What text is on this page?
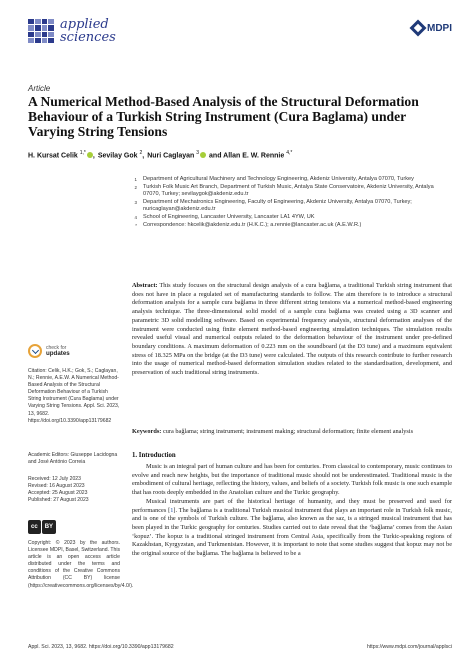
applied
sciences
MDPI
Article
A Numerical Method-Based Analysis of the Structural Deformation Behaviour of a Turkish String Instrument (Cura Baglama) under Varying String Tensions
H. Kursat Celik $^{1,*}$ , Sevilay Gok $^2$, Nuri Caglayan $^3$	and Allan E. W. Rennie $^{4,*}$
1 Department of Agricultural Machinery and Technology Engineering, Akdeniz University, Antalya 07070, Turkey
2 Turkish Folk Music Art Branch, Department of Turkish Music, Antalya State Conservatoire, Akdeniz University, Antalya 07070, Turkey; sevilaygok@akdeniz.edu.tr
3 Department of Mechatronics Engineering, Faculty of Engineering, Akdeniz University, Antalya 07070, Turkey; nuricaglayan@akdeniz.edu.tr
4 School of Engineering, Lancaster University, Lancaster LA1 4YW, UK
* Correspondence: hkcelik@akdeniz.edu.tr (H.K.C.); a.rennie@lancaster.ac.uk (A.E.W.R.)
Abstract: This study focuses on the structural design analysis of a cura bağlama, a traditional Turkish string instrument that does not have in place a regulated set of manufacturing standards to follow. The aim therefore is to introduce a structural deformation analysis for a sample cura bağlama in three different string tensions via a numerical method-based engineering analysis technique. The three-dimensional solid model of a sample cura bağlama was created using a 3D scanner and parametric 3D solid modelling software. Based on experimental frequency analysis, structural deformation analyses of the instrument were conducted using finite element method-based engineering simulation techniques. The simulation results revealed useful visual and numerical outputs related to the deformation behaviour of the instrument under pre-defined boundary conditions. A maximum deformation of 0.223 mm on the soundboard (at the D3 tune) and a maximum equivalent stress of 18.325 MPa on the bridge (at the D3 tune) were calculated. The outputs of this research contribute to further research into the usage of numerical method-based deformation simulation studies related to the standardisation, development, and preservation of such traditional string instruments.
Keywords: cura bağlama; string instrument; instrument making; structural deformation; finite element analysis
1. Introduction

Music is an integral part of human culture and has been for centuries. From classical to contemporary, music continues to evolve and reach new heights, but the importance of traditional music should not be underestimated. Traditional music is the embodiment of cultural heritage, reflecting the history, values, and beliefs of a society. Turkish folk music is one such example that has roots deeply embedded in the Anatolian culture and the Turkic geography.

Musical instruments are part of the historical heritage of humanity, and they must be preserved and used for performances [1]. The bağlama is a traditional Turkish musical instrument that plays an important role in Turkish folk music, and is one of the symbols of Turkish culture. The bağlama, also known as the saz, is a stringed musical instrument that has been played in the Turkic geography for centuries. Studies carried out to date reveal that the ‘bağlama’ comes from the Asian ‘kopuz’. The kopuz is a traditional stringed instrument from Central Asia, specifically from the Turkic-speaking regions of Kazakhstan, Kyrgyzstan, and Turkmenistan. However, it is important to note that some studies suggest that kopuz may not be the original source of the bağlama. The bağlama is believed to be a

check for
updates
Citation: Celik, H.K.; Gok, S.; Caglayan, N.; Rennie, A.E.W. A Numerical Method-Based Analysis of the Structural Deformation Behaviour of a Turkish String Instrument (Cura Baglama) under Varying String Tensions. Appl. Sci. 2023, 13, 9682. https://doi.org/10.3390/app13179682
Academic Editors: Giuseppe Lacidogna and José António Correia
Received: 12 July 2023
Revised: 16 August 2023
Accepted: 25 August 2023
Published: 27 August 2023
cc	BY
Copyright: © 2023 by the authors. Licensee MDPI, Basel, Switzerland. This article is an open access article distributed under the terms and conditions of the Creative Commons Attribution (CC BY) license (https://creativecommons.org/licenses/by/4.0/).
Appl. Sci. 2023, 13, 9682. https://doi.org/10.3390/app13179682	https://www.mdpi.com/journal/applsci
